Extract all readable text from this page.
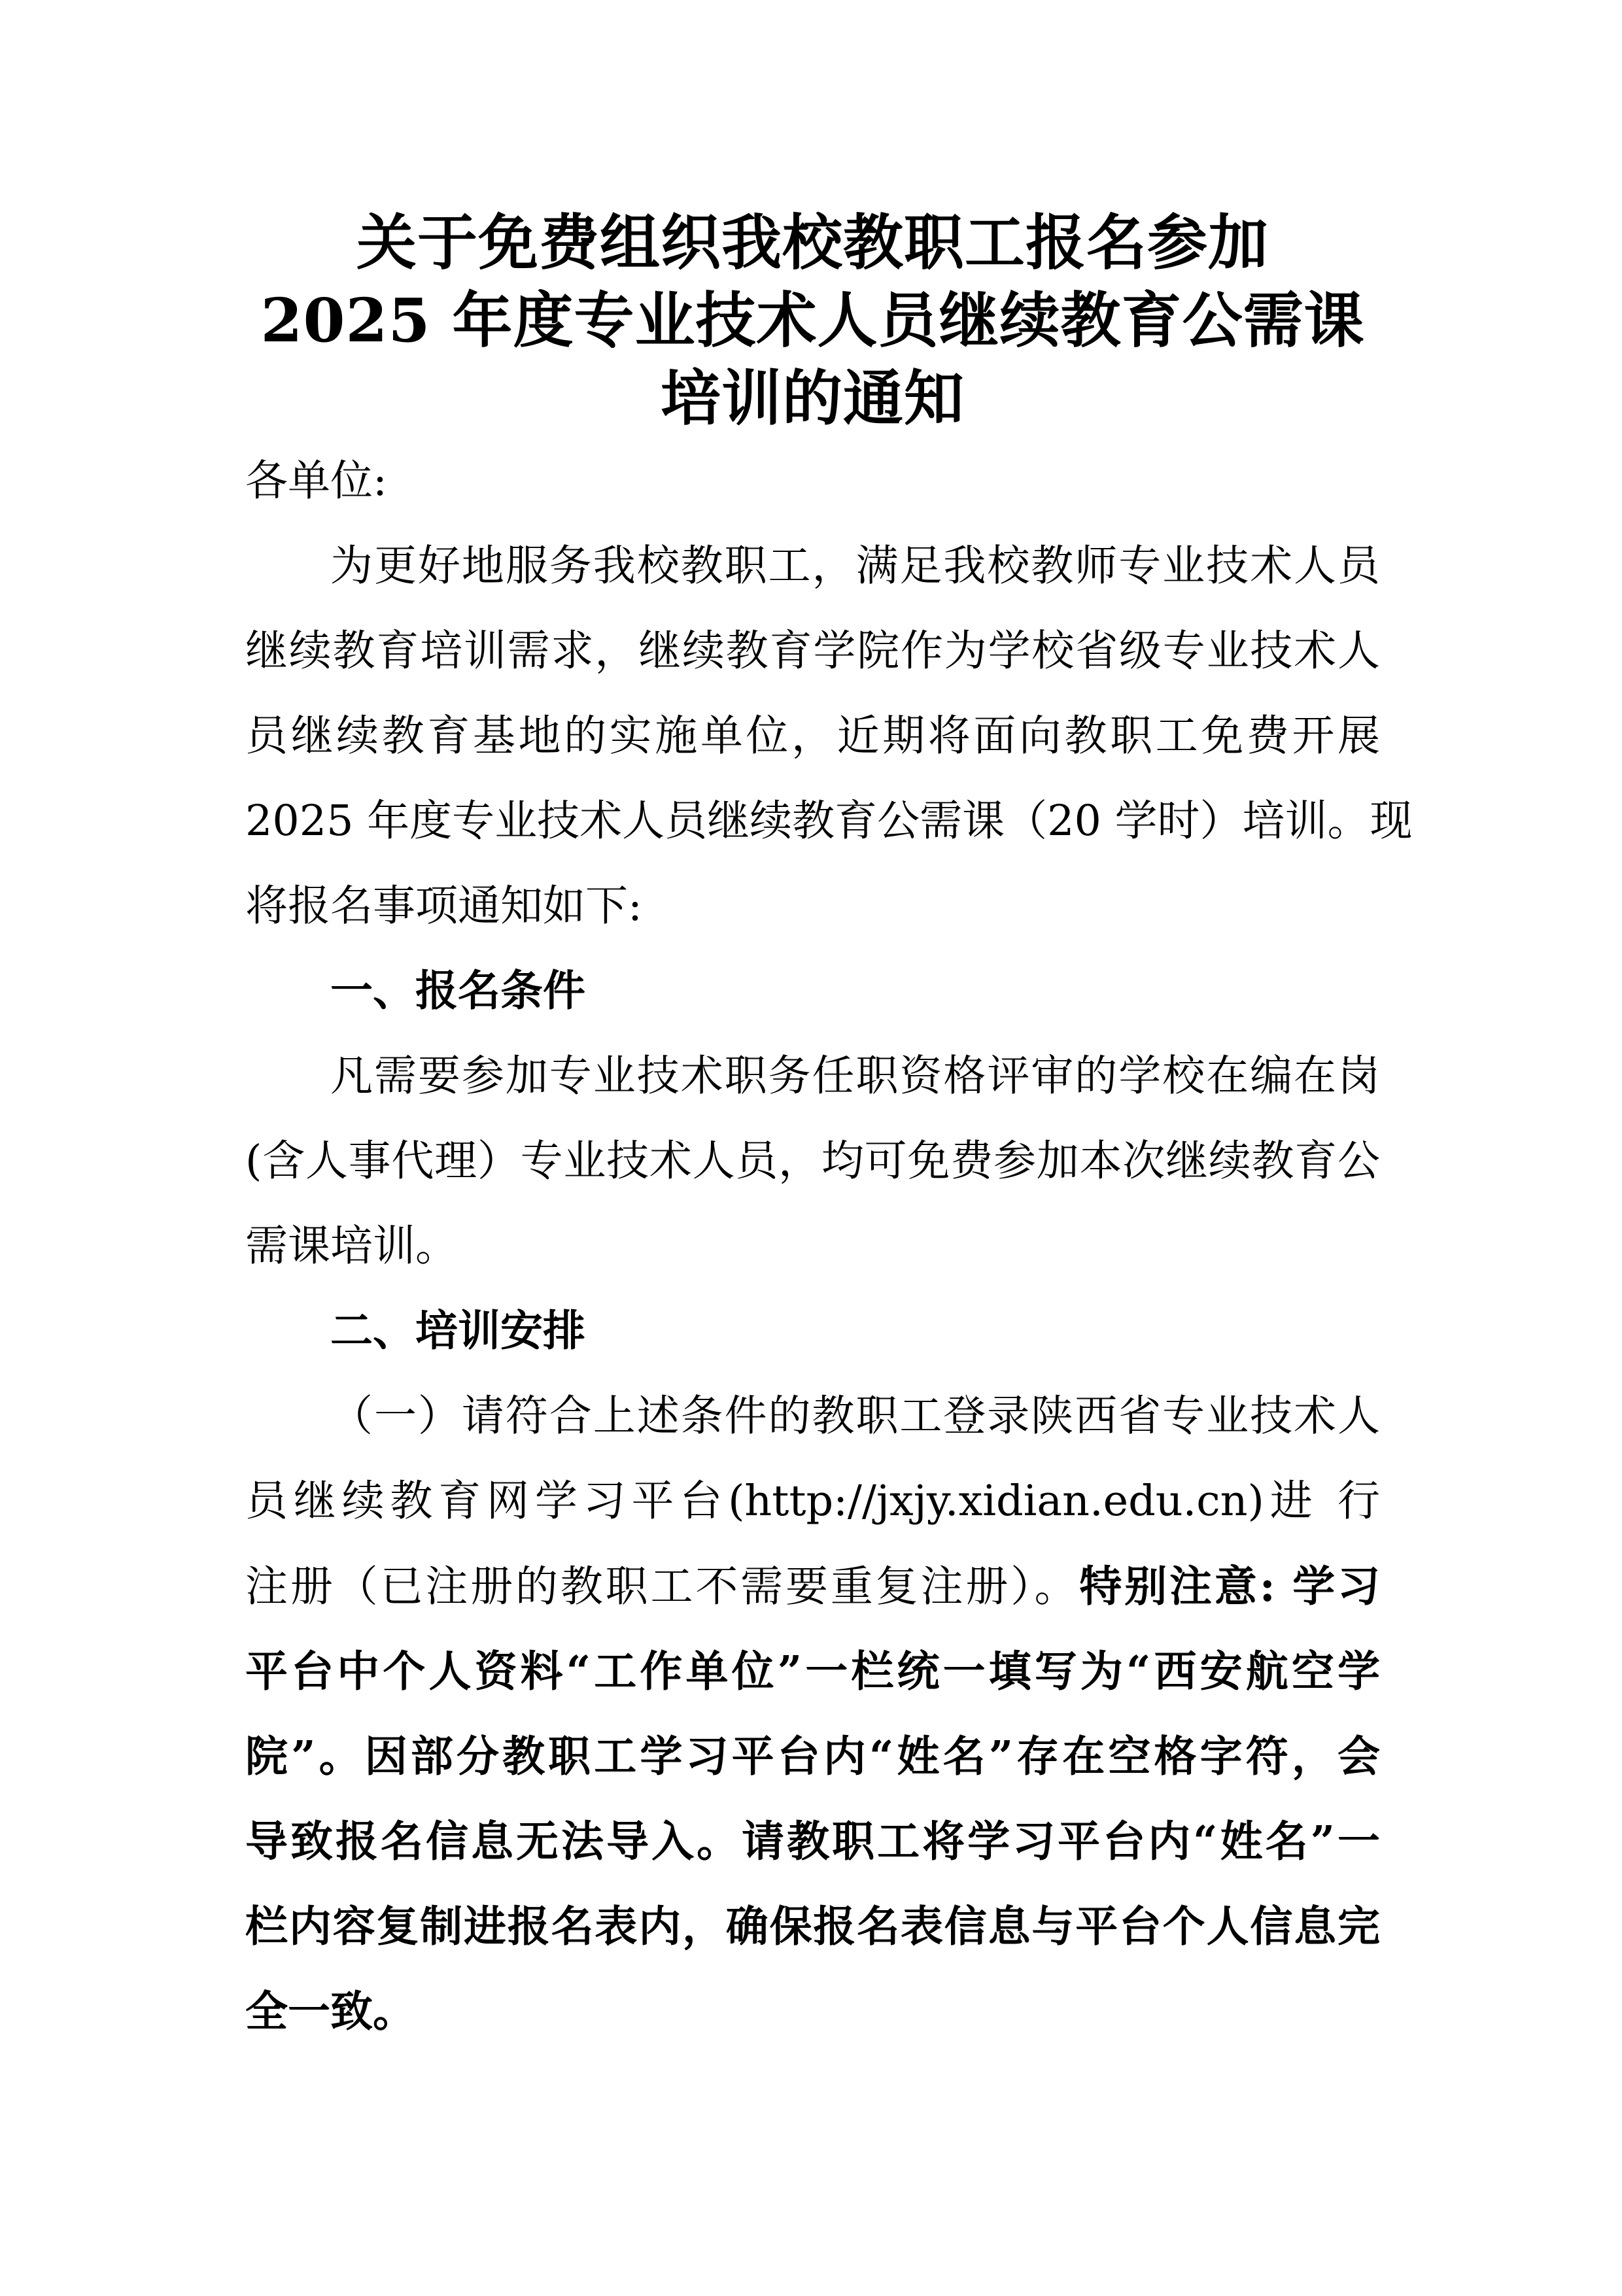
关于免费组织我校教职工报名参加
2025 年度专业技术人员继续教育公需课
培训的通知
各单位:
为更好地服务我校教职工，满足我校教师专业技术人员
继续教育培训需求，继续教育学院作为学校省级专业技术人
员继续教育基地的实施单位，近期将面向教职工免费开展
2025 年度专业技术人员继续教育公需课（20 学时）培训。现
将报名事项通知如下:
一、报名条件
凡需要参加专业技术职务任职资格评审的学校在编在岗
(含人事代理）专业技术人员，均可免费参加本次继续教育公
需课培训。
二、培训安排
（一）请符合上述条件的教职工登录陕西省专业技术人
员继续教育网学习平台(http://jxjy.xidian.edu.cn)进 行
注册（已注册的教职工不需要重复注册）。特别注意: 学习
平台中个人资料“工作单位”一栏统一填写为“西安航空学
院”。因部分教职工学习平台内“姓名”存在空格字符，会
导致报名信息无法导入。请教职工将学习平台内“姓名”一
栏内容复制进报名表内，确保报名表信息与平台个人信息完
全一致。
